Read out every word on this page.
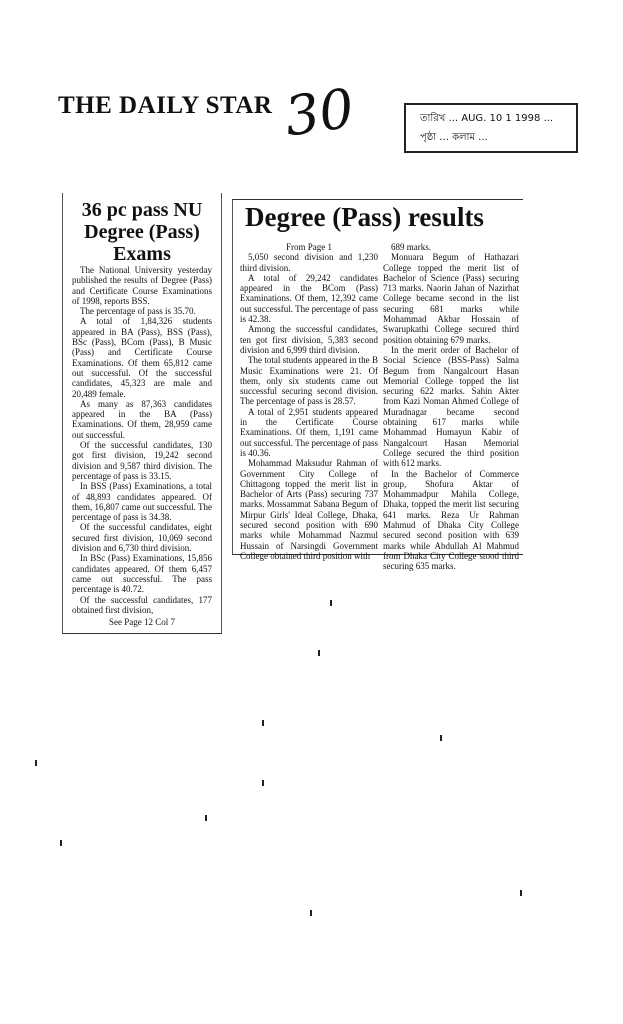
THE DAILY STAR 30	তারিখ ... AUG. 10 1 1998 ...
পৃষ্ঠা ... কলাম ...
36 pc pass NU
Degree (Pass)
Exams

The National University yesterday published the results of Degree (Pass) and Certificate Course Examinations of 1998, reports BSS.

The percentage of pass is 35.70.

A total of 1,84,326 students appeared in BA (Pass), BSS (Pass), BSc (Pass), BCom (Pass), B Music (Pass) and Certificate Course Examinations. Of them 65,812 came out successful. Of the successful candidates, 45,323 are male and 20,489 female.

As many as 87,363 candidates appeared in the BA (Pass) Examinations. Of them, 28,959 came out successful.

Of the successful candidates, 130 got first division, 19,242 second division and 9,587 third division. The percentage of pass is 33.15.

In BSS (Pass) Examinations, a total of 48,893 candidates appeared. Of them, 16,807 came out successful. The percentage of pass is 34.38.

Of the successful candidates, eight secured first division, 10,069 second division and 6,730 third division.

In BSc (Pass) Examinations, 15,856 candidates appeared. Of them 6,457 came out successful. The pass percentage is 40.72.

Of the successful candidates, 177 obtained first division,

See Page 12 Col 7
Degree (Pass) results

From Page 1

5,050 second division and 1,230 third division.

A total of 29,242 candidates appeared in the BCom (Pass) Examinations. Of them, 12,392 came out successful. The percentage of pass is 42.38.

Among the successful candidates, ten got first division, 5,383 second division and 6,999 third division.

The total students appeared in the B Music Examinations were 21. Of them, only six students came out successful securing second division. The percentage of pass is 28.57.

A total of 2,951 students appeared in the Certificate Course Examinations. Of them, 1,191 came out successful. The percentage of pass is 40.36.

Mohammad Maksudur Rahman of Government City College of Chittagong topped the merit list in Bachelor of Arts (Pass) securing 737 marks. Mossammat Sabana Begum of Mirpur Girls' Ideal College, Dhaka, secured second position with 690 marks while Mohammad Nazmul Hussain of Narsingdi Government College obtained third position with

689 marks.

Monuara Begum of Hathazari College topped the merit list of Bachelor of Science (Pass) securing 713 marks. Naorin Jahan of Nazirhat College became second in the list securing 681 marks while Mohammad Akbar Hossain of Swarupkathi College secured third position obtaining 679 marks.

In the merit order of Bachelor of Social Science (BSS-Pass) Salma Begum from Nangalcourt Hasan Memorial College topped the list securing 622 marks. Sahin Akter from Kazi Noman Ahmed College of Muradnagar became second obtaining 617 marks while Mohammad Humayun Kabir of Nangalcourt Hasan Memorial College secured the third position with 612 marks.

In the Bachelor of Commerce group, Shofura Aktar of Mohammadpur Mahila College, Dhaka, topped the merit list securing 641 marks. Reza Ur Rahman Mahmud of Dhaka City College secured second position with 639 marks while Abdullah Al Mahmud from Dhaka City College stood third securing 635 marks.
